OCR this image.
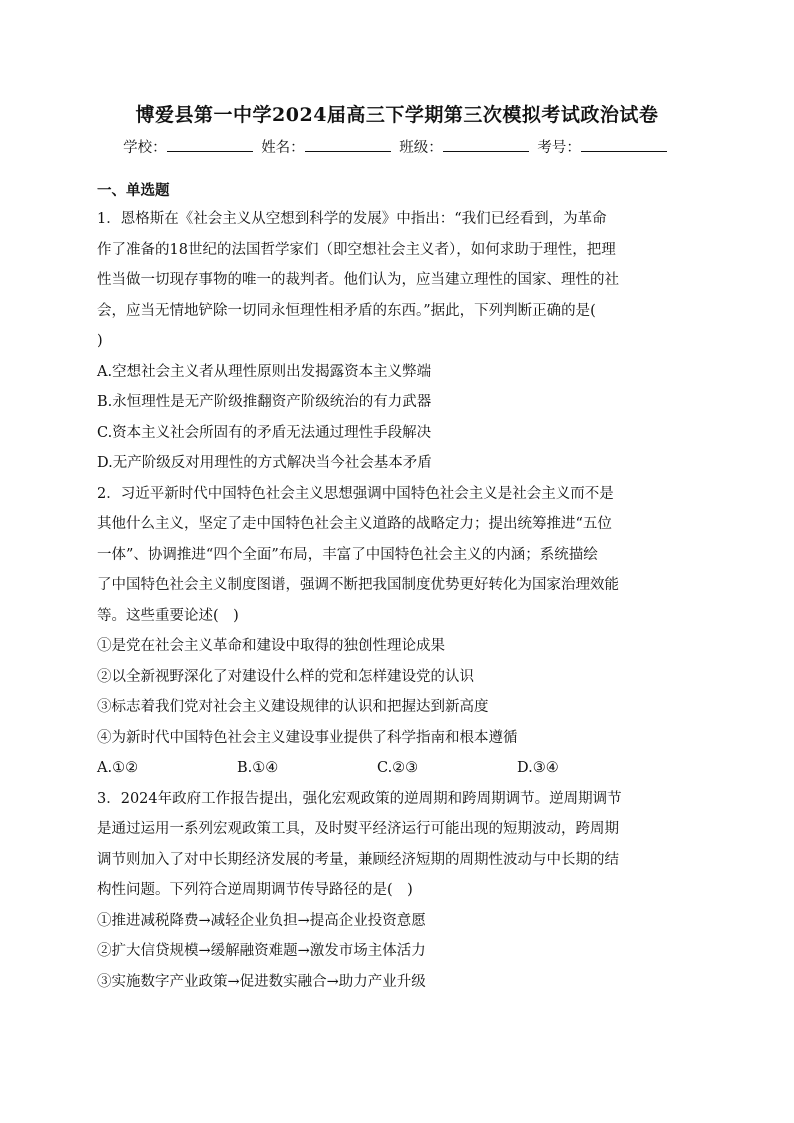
博爱县第一中学2024届高三下学期第三次模拟考试政治试卷
学校：	姓名：	班级：	考号：
一、单选题
1．恩格斯在《社会主义从空想到科学的发展》中指出：“我们已经看到，为革命
作了准备的18世纪的法国哲学家们（即空想社会主义者），如何求助于理性，把理
性当做一切现存事物的唯一的裁判者。他们认为，应当建立理性的国家、理性的社
会，应当无情地铲除一切同永恒理性相矛盾的东西。”据此，下列判断正确的是(
)
A.空想社会主义者从理性原则出发揭露资本主义弊端
B.永恒理性是无产阶级推翻资产阶级统治的有力武器
C.资本主义社会所固有的矛盾无法通过理性手段解决
D.无产阶级反对用理性的方式解决当今社会基本矛盾
2．习近平新时代中国特色社会主义思想强调中国特色社会主义是社会主义而不是
其他什么主义，坚定了走中国特色社会主义道路的战略定力；提出统筹推进“五位
一体”、协调推进“四个全面”布局，丰富了中国特色社会主义的内涵；系统描绘
了中国特色社会主义制度图谱，强调不断把我国制度优势更好转化为国家治理效能
等。这些重要论述(　)
①是党在社会主义革命和建设中取得的独创性理论成果
②以全新视野深化了对建设什么样的党和怎样建设党的认识
③标志着我们党对社会主义建设规律的认识和把握达到新高度
④为新时代中国特色社会主义建设事业提供了科学指南和根本遵循
A.①②	B.①④	C.②③	D.③④
3．2024年政府工作报告提出，强化宏观政策的逆周期和跨周期调节。逆周期调节
是通过运用一系列宏观政策工具，及时熨平经济运行可能出现的短期波动，跨周期
调节则加入了对中长期经济发展的考量，兼顾经济短期的周期性波动与中长期的结
构性问题。下列符合逆周期调节传导路径的是(　)
①推进减税降费→减轻企业负担→提高企业投资意愿
②扩大信贷规模→缓解融资难题→激发市场主体活力
③实施数字产业政策→促进数实融合→助力产业升级
